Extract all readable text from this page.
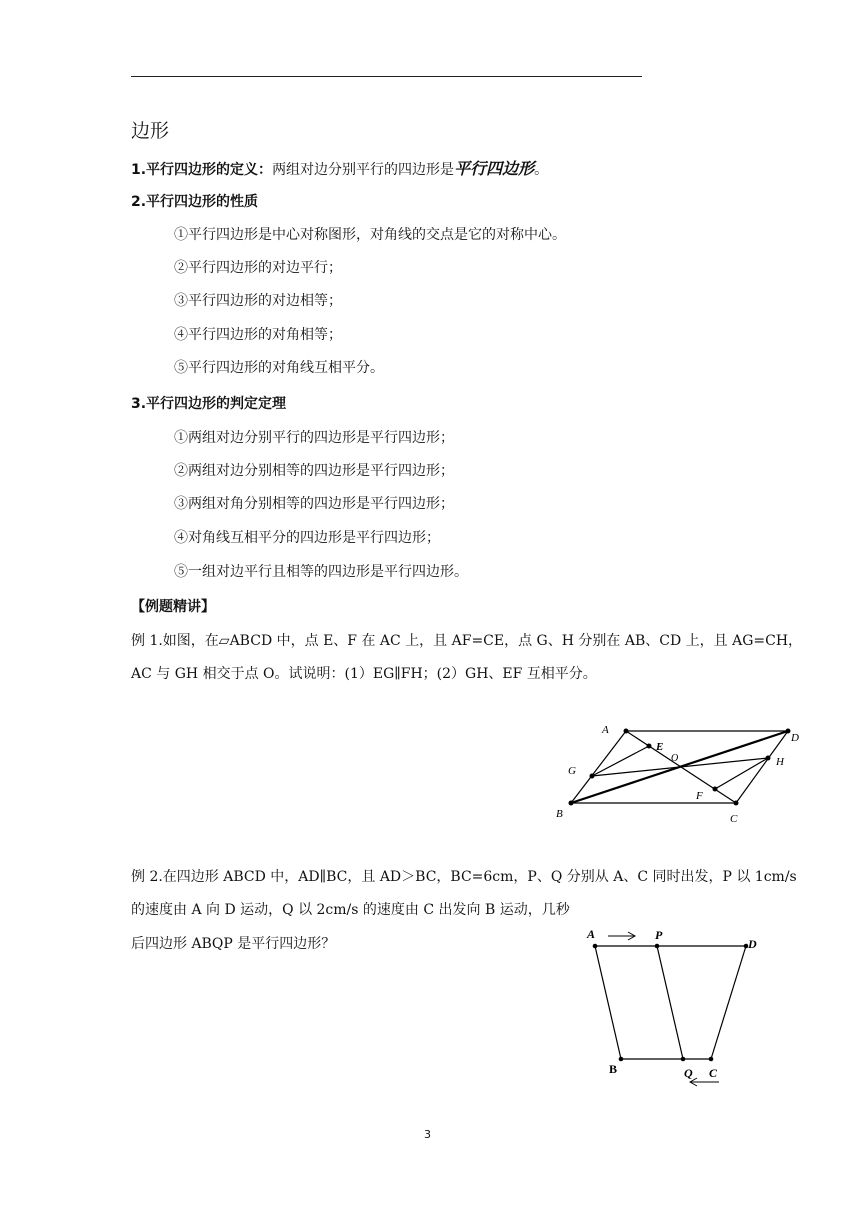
边形
1.平行四边形的定义：两组对边分别平行的四边形是平行四边形。
2.平行四边形的性质
①平行四边形是中心对称图形，对角线的交点是它的对称中心。
②平行四边形的对边平行；
③平行四边形的对边相等；
④平行四边形的对角相等；
⑤平行四边形的对角线互相平分。
3.平行四边形的判定定理
①两组对边分别平行的四边形是平行四边形；
②两组对边分别相等的四边形是平行四边形；
③两组对角分别相等的四边形是平行四边形；
④对角线互相平分的四边形是平行四边形；
⑤一组对边平行且相等的四边形是平行四边形。
【例题精讲】
例 1.如图，在▱ABCD 中，点 E、F 在 AC 上，且 AF=CE，点 G、H 分别在 AB、CD 上，且 AG=CH，
AC 与 GH 相交于点 O。试说明：(1）EG∥FH；(2）GH、EF 互相平分。
A
D
B	C
E
F
G
H
O
例 2.在四边形 ABCD 中，AD∥BC，且 AD＞BC，BC=6cm，P、Q 分别从 A、C 同时出发，P 以 1cm/s
的速度由 A 向 D 运动，Q 以 2cm/s 的速度由 C 出发向 B 运动，几秒
后四边形 ABQP 是平行四边形？
A	P
D
B	Q C
3
